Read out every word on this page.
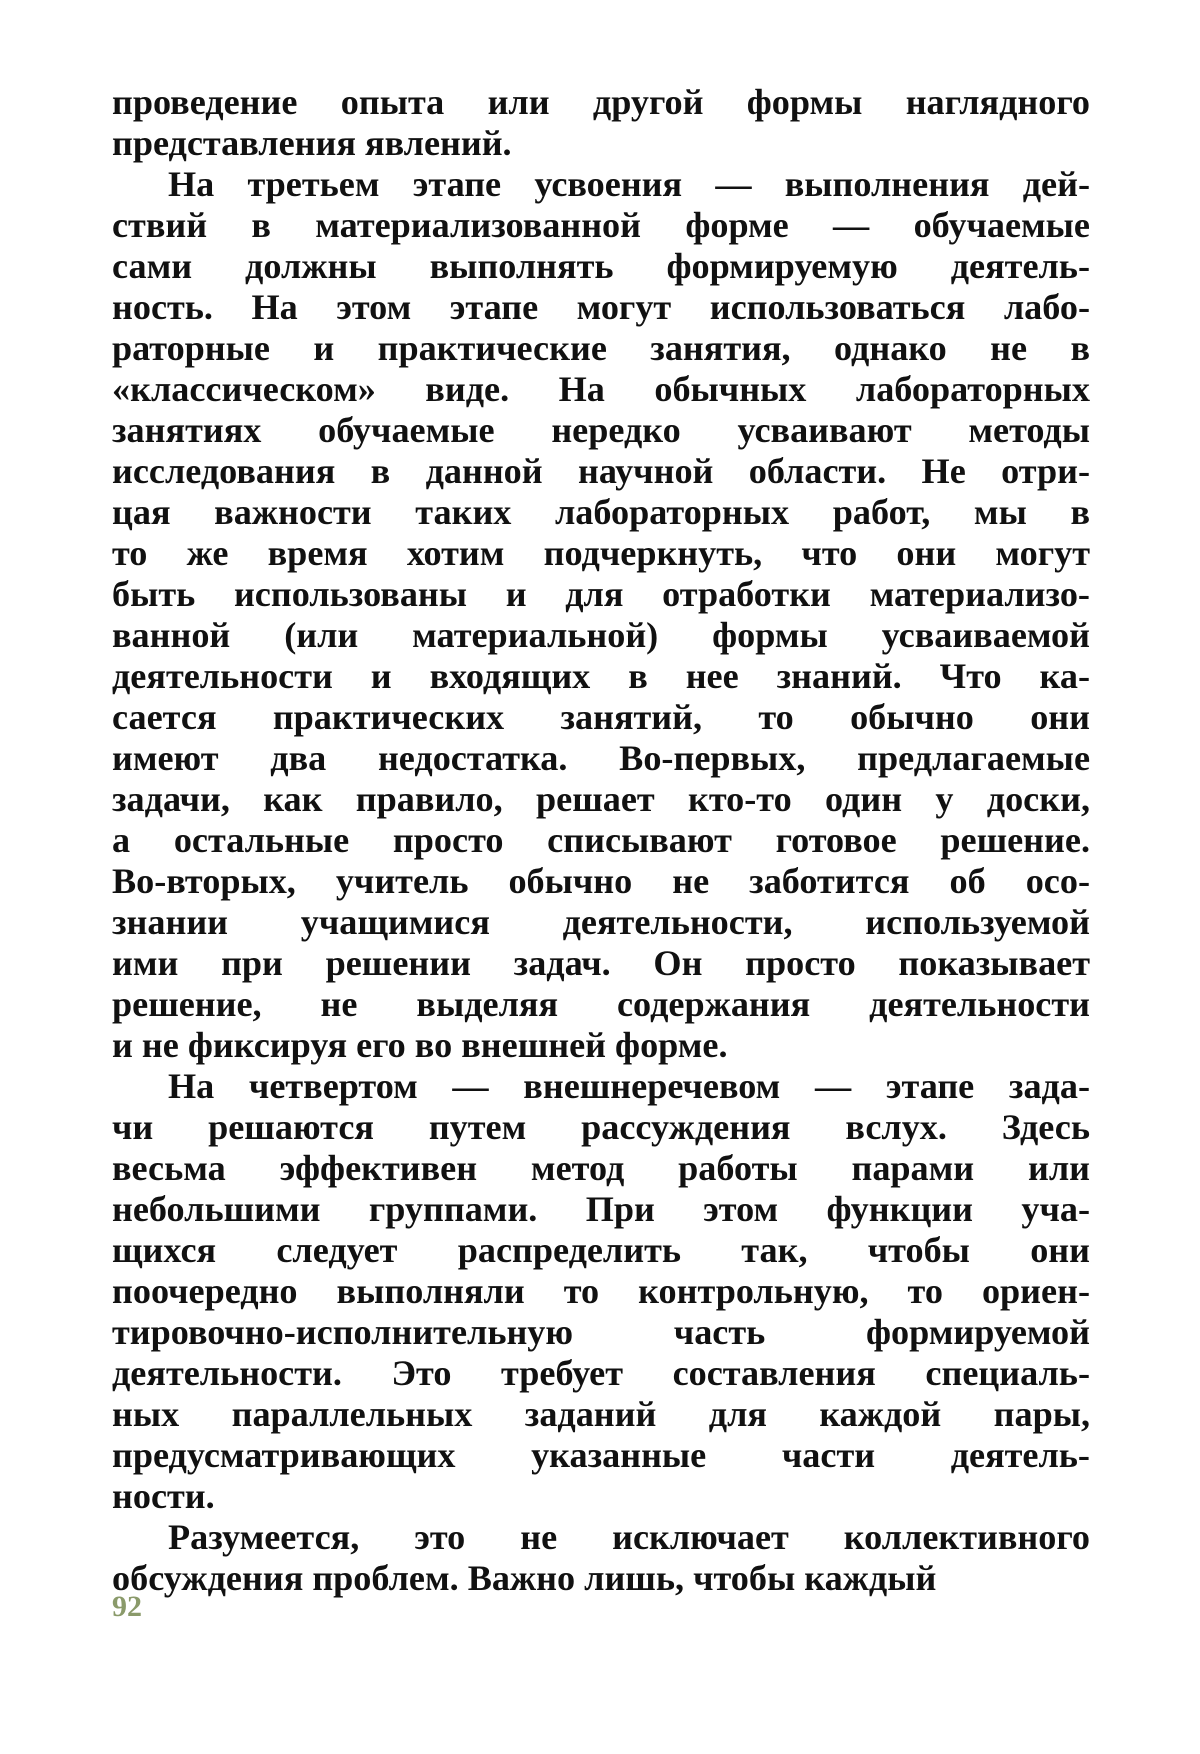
проведение опыта или другой формы наглядного
представления явлений.
На третьем этапе усвоения — выполнения дей-
ствий в материализованной форме — обучаемые
сами должны выполнять формируемую деятель-
ность. На этом этапе могут использоваться лабо-
раторные и практические занятия, однако не в
«классическом» виде. На обычных лабораторных
занятиях обучаемые нередко усваивают методы
исследования в данной научной области. Не отри-
цая важности таких лабораторных работ, мы в
то же время хотим подчеркнуть, что они могут
быть использованы и для отработки материализо-
ванной (или материальной) формы усваиваемой
деятельности и входящих в нее знаний. Что ка-
сается практических занятий, то обычно они
имеют два недостатка. Во-первых, предлагаемые
задачи, как правило, решает кто-то один у доски,
а остальные просто списывают готовое решение.
Во-вторых, учитель обычно не заботится об осо-
знании учащимися деятельности, используемой
ими при решении задач. Он просто показывает
решение, не выделяя содержания деятельности
и не фиксируя его во внешней форме.
На четвертом — внешнеречевом — этапе зада-
чи решаются путем рассуждения вслух. Здесь
весьма эффективен метод работы парами или
небольшими группами. При этом функции уча-
щихся следует распределить так, чтобы они
поочередно выполняли то контрольную, то ориен-
тировочно-исполнительную часть формируемой
деятельности. Это требует составления специаль-
ных параллельных заданий для каждой пары,
предусматривающих указанные части деятель-
ности.
Разумеется, это не исключает коллективного
обсуждения проблем. Важно лишь, чтобы каждый
92
